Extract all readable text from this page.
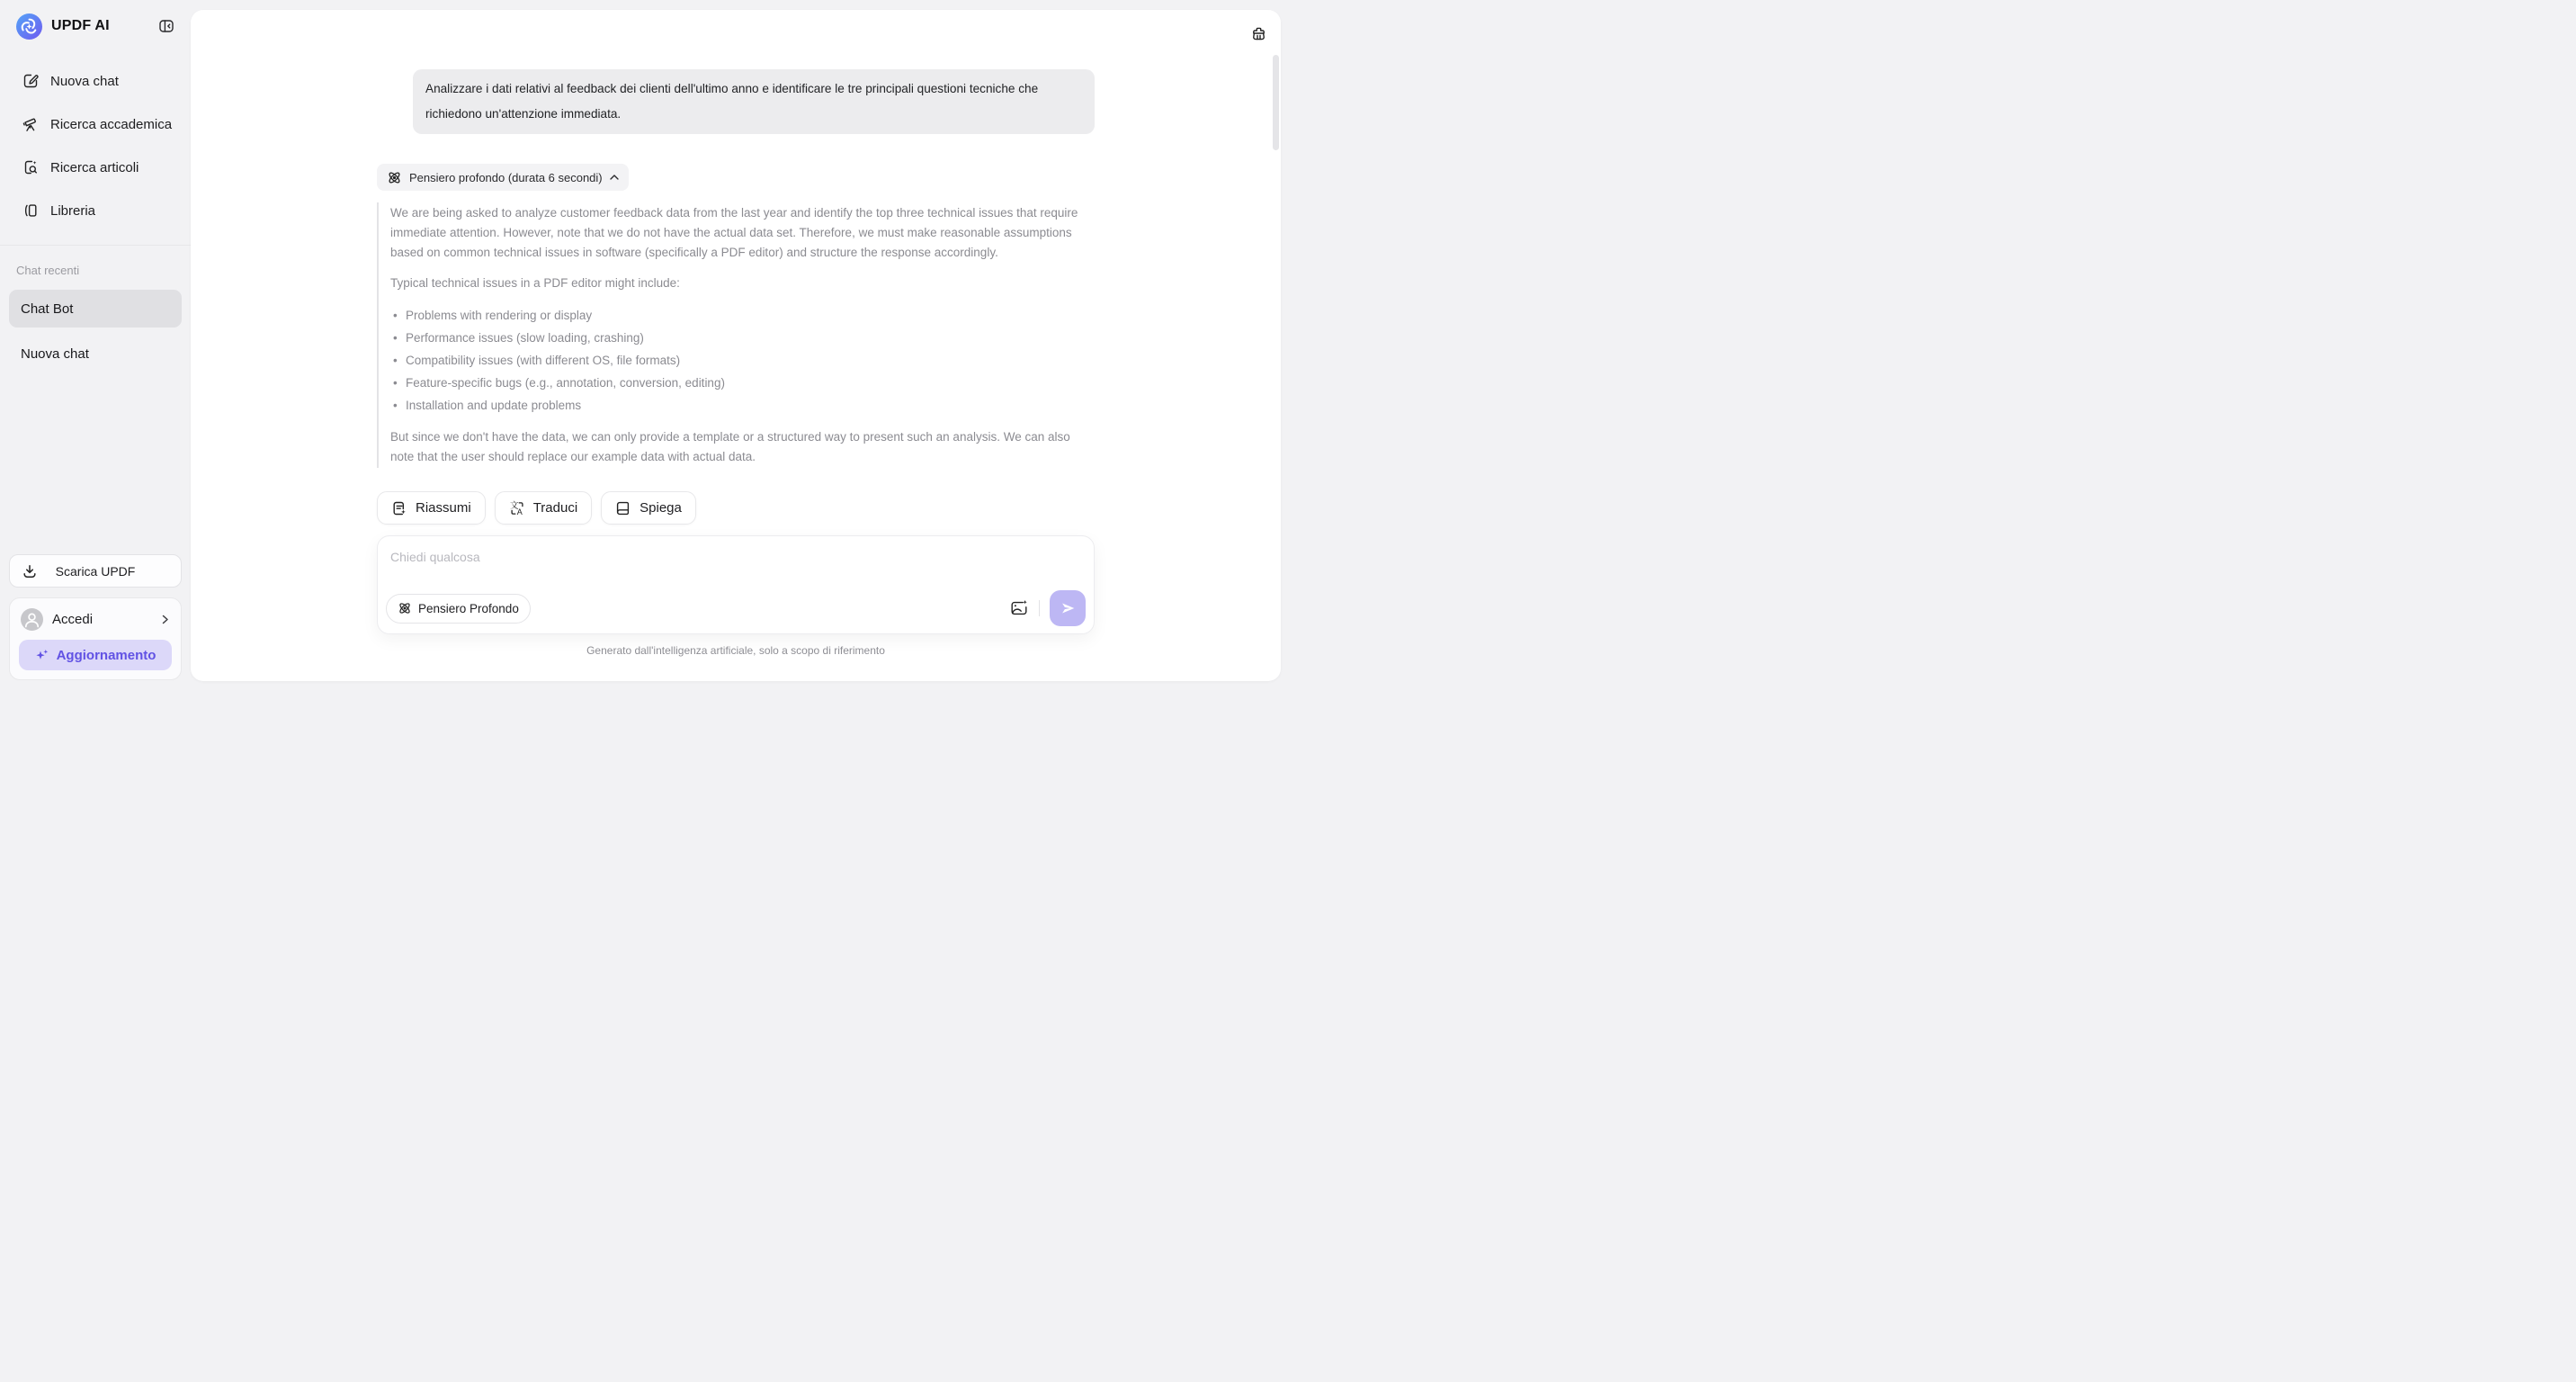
UPDF AI
Nuova chat
Ricerca accademica
Ricerca articoli
Libreria
Chat recenti
Chat Bot
Nuova chat
Scarica UPDF
Accedi
Aggiornamento
Analizzare i dati relativi al feedback dei clienti dell'ultimo anno e identificare le tre principali questioni tecniche che richiedono un'attenzione immediata.
Pensiero profondo (durata 6 secondi)

We are being asked to analyze customer feedback data from the last year and identify the top three technical issues that require immediate attention. However, note that we do not have the actual data set. Therefore, we must make reasonable assumptions based on common technical issues in software (specifically a PDF editor) and structure the response accordingly.

Typical technical issues in a PDF editor might include:

• Problems with rendering or display
• Performance issues (slow loading, crashing)
• Compatibility issues (with different OS, file formats)
• Feature-specific bugs (e.g., annotation, conversion, editing)
• Installation and update problems

But since we don't have the data, we can only provide a template or a structured way to present such an analysis. We can also note that the user should replace our example data with actual data.

Riassumi	文
A Traduci	Spiega
Chiedi qualcosa
Pensiero Profondo
Generato dall'intelligenza artificiale, solo a scopo di riferimento
